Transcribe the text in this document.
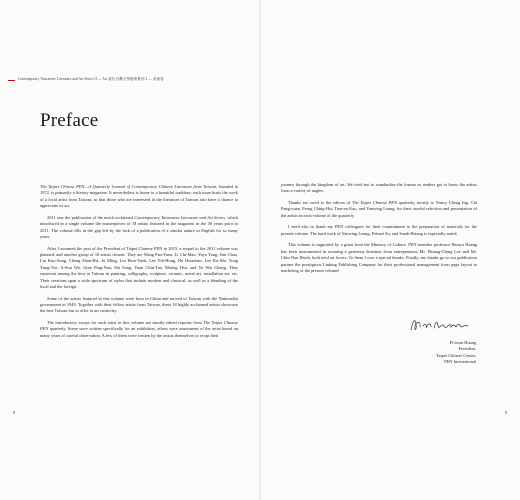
Contemporary Taiwanese Literature and Art Series II — Art 當代台灣文學藝術系列 2 — 美術卷
Preface

The Taipei Chinese PEN—A Quarterly Journal of Contemporary Chinese Literature from Taiwan, founded in 1972, is primarily a literary magazine. It nevertheless is home to a beautiful tradition: each issue hosts the work of a local artist from Taiwan, so that those who are interested in the literature of Taiwan also have a chance to appreciate its art.

2011 saw the publication of the much acclaimed Contemporary Taiwanese Literature and Art Series, which introduced in a single volume the masterpieces of 18 artists featured in the magazine in the 30 years prior to 2011. The volume fills in the gap left by the lack of a publication of a similar nature in English for so many years.

After I assumed the post of the President of Taipei Chinese PEN in 2015, a sequel to the 2011 volume was planned, and another group of 18 artists chosen. They are Wang Pan-Yuen, Li Chi-Mao, Yayu Yang, Sun Chao, Liu Kuo-Sung, Cheng Shan-Hsi, Ju Ming, Lin Hsin-Yueh, Lee Yih-Hong, Hu Hsiaohao, Lee Ku-Mo, Yong Yung-Tze, A-Sun Wu, Syue Ping-Nan, Shi Song, Yuan Chin-Taa, Meiing Hsu, and Yu Wei Cheng. They represent among the best in Taiwan in painting, calligraphy, sculpture, ceramic, metal art, installation art, etc. Their creations span a wide spectrum of styles that include modern and classical, as well as a blending of the local and the foreign.

Some of the artists featured in this volume were born in China and moved to Taiwan with the Nationalist government in 1949. Together with their fellow artists from Taiwan, these 18 highly acclaimed artists showcase the best Taiwan has to offer in art creativity.

The introductory essays for each artist in this volume are mostly edited reprints from The Taipei Chinese PEN quarterly. Some were written specifically for an exhibition, others were assessment of the artist based on many years of careful observation. A few of them were written by the artists themselves to recap their

journey through the kingdom of art. We tried not to standardize the format so readers get to know the artists from a variety of angles.

Thanks are owed to the editors of The Taipei Chinese PEN quarterly, mostly to Nancy Cheng Ing, Chi Pang-yuan, Perng Ching-Hsi, Tien-en Kao, and Yanwing Leung, for their careful selection and presentation of the artists in each volume of the quarterly.

I need also to thank my PEN colleagues for their commitment to the preparation of materials for the present volume. The hard work of Yanwing Leung, Peimei Su, and Sarah Hsiang is especially noted.

This volume is supported by a grant from the Ministry of Culture. PEN member professor Hsinya Huang has been instrumental in securing a generous donation from entrepreneurs Mr. Hsiang-Ching Lee and Mr. Chiu-Nan Hsieh, both avid art lovers. To them I owe a special thanks. Finally, my thanks go to our publication partner the prestigious Linking Publishing Company for their professional management from page layout to marketing of the present volume!

Pi-twan Huang
President,
Taipei Chinese Center,
PEN International
8	9
